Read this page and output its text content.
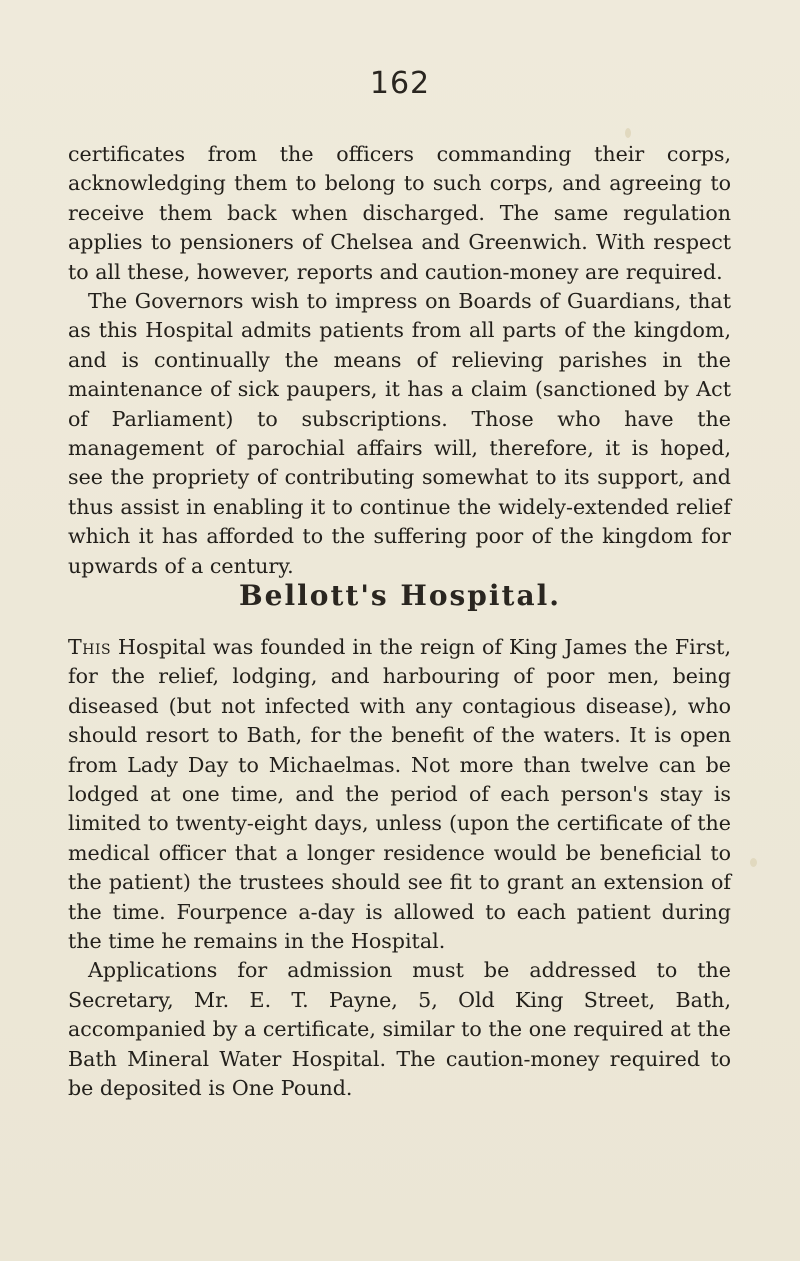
162

certificates from the officers commanding their corps, acknowledging them to belong to such corps, and agreeing to receive them back when discharged. The same regulation applies to pensioners of Chelsea and Greenwich. With respect to all these, however, reports and caution-money are required.

The Governors wish to impress on Boards of Guardians, that as this Hospital admits patients from all parts of the kingdom, and is continually the means of relieving parishes in the maintenance of sick paupers, it has a claim (sanctioned by Act of Parliament) to subscriptions. Those who have the management of parochial affairs will, therefore, it is hoped, see the propriety of contributing somewhat to its support, and thus assist in enabling it to continue the widely-extended relief which it has afforded to the suffering poor of the kingdom for upwards of a century.

Bellott's Hospital.

This Hospital was founded in the reign of King James the First, for the relief, lodging, and harbouring of poor men, being diseased (but not infected with any contagious disease), who should resort to Bath, for the benefit of the waters. It is open from Lady Day to Michaelmas. Not more than twelve can be lodged at one time, and the period of each person's stay is limited to twenty-eight days, unless (upon the certificate of the medical officer that a longer residence would be beneficial to the patient) the trustees should see fit to grant an extension of the time. Fourpence a-day is allowed to each patient during the time he remains in the Hospital.

Applications for admission must be addressed to the Secretary, Mr. E. T. Payne, 5, Old King Street, Bath, accompanied by a certificate, similar to the one required at the Bath Mineral Water Hospital. The caution-money required to be deposited is One Pound.
